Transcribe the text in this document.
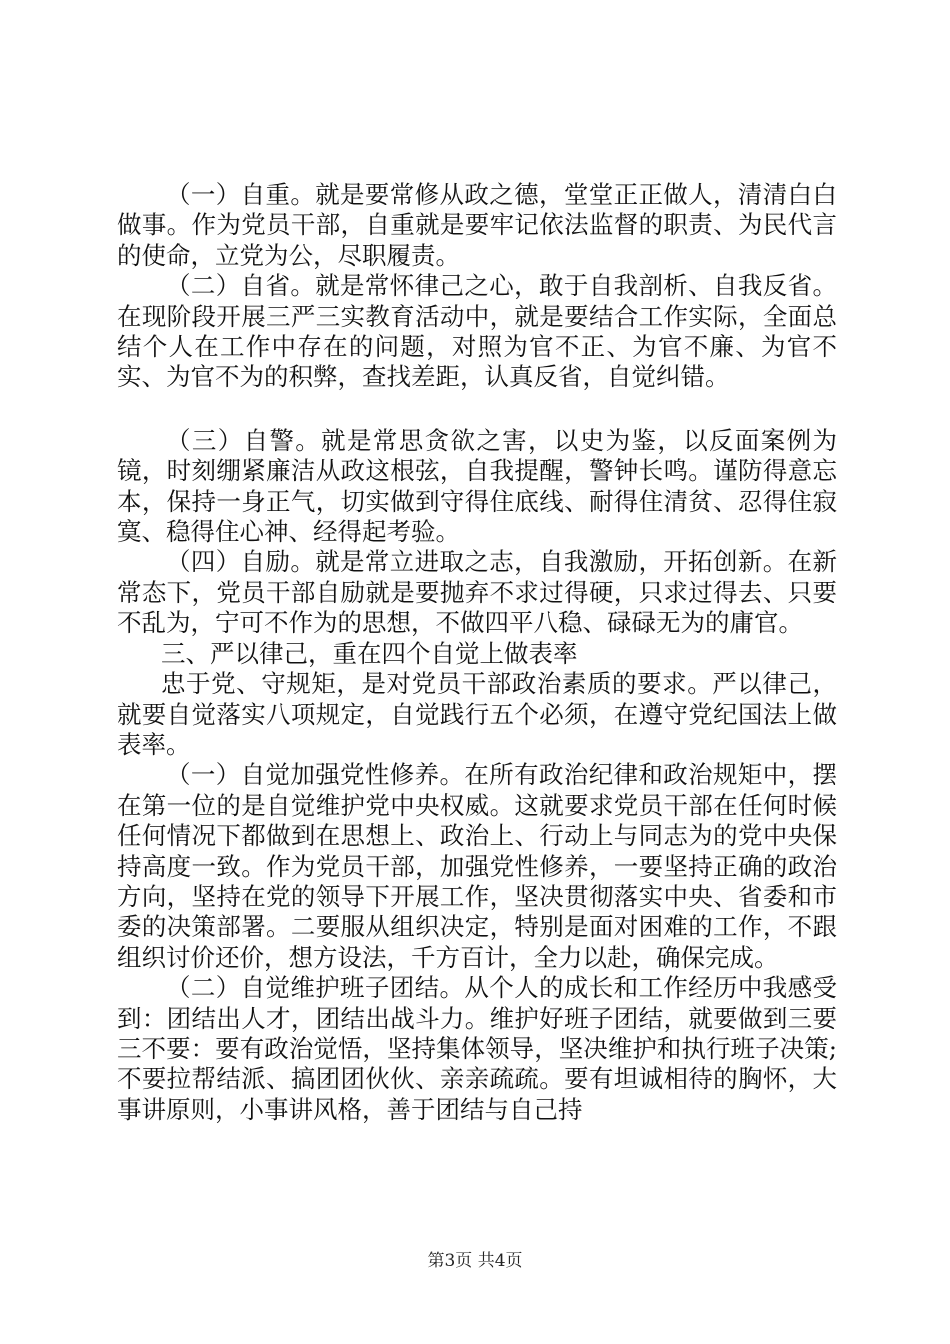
（一）自重。就是要常修从政之德，堂堂正正做人，清清白白做事。作为党员干部，自重就是要牢记依法监督的职责、为民代言的使命，立党为公，尽职履责。

（二）自省。就是常怀律己之心，敢于自我剖析、自我反省。在现阶段开展三严三实教育活动中，就是要结合工作实际，全面总结个人在工作中存在的问题，对照为官不正、为官不廉、为官不实、为官不为的积弊，查找差距，认真反省，自觉纠错。

（三）自警。就是常思贪欲之害，以史为鉴，以反面案例为镜，时刻绷紧廉洁从政这根弦，自我提醒，警钟长鸣。谨防得意忘本，保持一身正气，切实做到守得住底线、耐得住清贫、忍得住寂寞、稳得住心神、经得起考验。

（四）自励。就是常立进取之志，自我激励，开拓创新。在新常态下，党员干部自励就是要抛弃不求过得硬，只求过得去、只要不乱为，宁可不作为的思想，不做四平八稳、碌碌无为的庸官。

三、严以律己，重在四个自觉上做表率

忠于党、守规矩，是对党员干部政治素质的要求。严以律己，就要自觉落实八项规定，自觉践行五个必须，在遵守党纪国法上做表率。

（一）自觉加强党性修养。在所有政治纪律和政治规矩中，摆在第一位的是自觉维护党中央权威。这就要求党员干部在任何时候任何情况下都做到在思想上、政治上、行动上与同志为的党中央保持高度一致。作为党员干部，加强党性修养，一要坚持正确的政治方向，坚持在党的领导下开展工作，坚决贯彻落实中央、省委和市委的决策部署。二要服从组织决定，特别是面对困难的工作，不跟组织讨价还价，想方设法，千方百计，全力以赴，确保完成。

（二）自觉维护班子团结。从个人的成长和工作经历中我感受到：团结出人才，团结出战斗力。维护好班子团结，就要做到三要三不要：要有政治觉悟，坚持集体领导，坚决维护和执行班子决策;不要拉帮结派、搞团团伙伙、亲亲疏疏。要有坦诚相待的胸怀，大事讲原则，小事讲风格，善于团结与自己持

第3页 共4页
